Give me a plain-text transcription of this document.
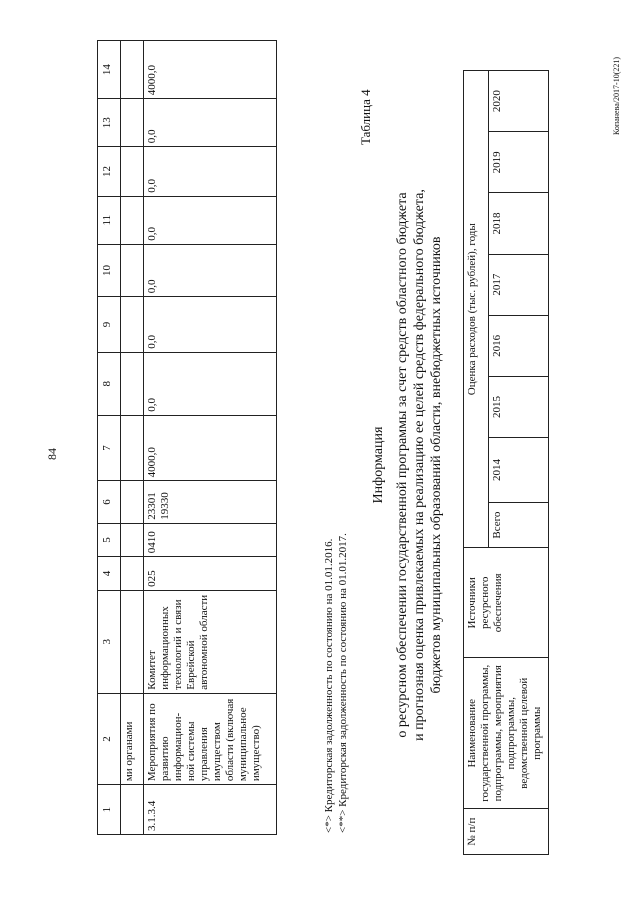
84
1	2	3	4	5	6	7	8	9	10	11	12	13	14
	ми органами												
3.1.3.4	Мероприятия по развитию информацион-ной системы управления имуществом области (включая муниципальное имущество)	Комитет информационных технологий и связи Еврейской автономной области	025	0410	23301 19330	4000,0	0,0	0,0	0,0	0,0	0,0	0,0	4000,0
<*> Кредиторская задолженность по состоянию на 01.01.2016. <**> Кредиторская задолженность по состоянию на 01.01.2017.
Таблица 4
Информация о ресурсном обеспечении государственной программы за счет средств областного бюджета и прогнозная оценка привлекаемых на реализацию ее целей средств федерального бюджета, бюджетов муниципальных образований области, внебюджетных источников
№ п/п	Наименование государственной программы, подпрограммы, мероприятия подпрограммы, ведомственной целевой программы	Источники ресурсного обеспечения	Оценка расходов (тыс. рублей), годы							
			Всего	2014	2015	2016	2017	2018	2019	2020	Копанева/2017-10(221)
